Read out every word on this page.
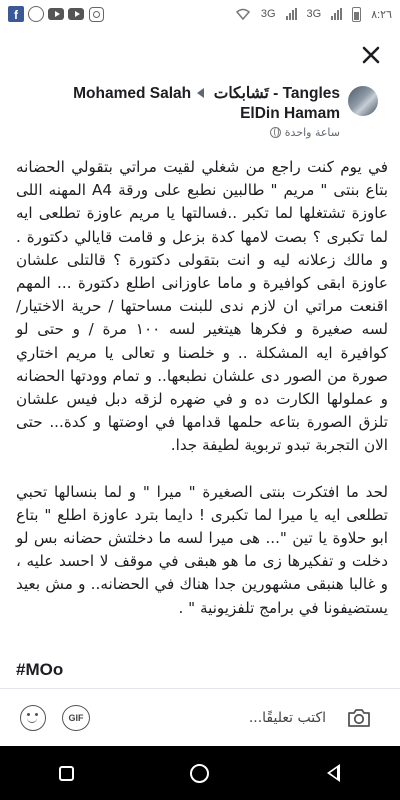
f	3G	3G	٨:٢٦
Mohamed Salah تَشابكات - Tangles
ElDin Hamam
ساعة واحدة

في يوم كنت راجع من شغلي لقيت مراتي بتقولي الحضانه بتاع بنتى " مريم " طالبين نطبع على ورقة A4 المهنه اللى عاوزة تشتغلها لما تكبر ..فسالتها يا مريم عاوزة تطلعى ايه لما تكبرى ؟ بصت لامها كدة بزعل و قامت قايالي دكتورة . و مالك زعلانه ليه و انت بتقولى دكتورة ؟ قالتلى علشان عاوزة ابقى كوافيرة و ماما عاوزانى اطلع دكتورة ... المهم اقنعت مراتي ان لازم ندى للبنت مساحتها / حرية الاختيار/ لسه صغيرة و فكرها هيتغير لسه ١٠٠ مرة / و حتى لو كوافيرة ايه المشكلة .. و خلصنا و تعالى يا مريم اختاري صورة من الصور دى علشان نطبعها.. و تمام وودتها الحضانه و عملولها الكارت ده و في ضهره لزقه دبل فيس علشان تلزق الصورة بتاعه حلمها قدامها في اوضتها و كدة... حتى الان التجربة تبدو تربوية لطيفة جدا.

لحد ما افتكرت بنتى الصغيرة " ميرا " و لما بنسالها تحبي تطلعى ايه يا ميرا لما تكبرى ! دايما بترد عاوزة اطلع " بتاع ابو حلاوة يا تين "... هى ميرا لسه ما دخلتش حضانه بس لو دخلت و تفكيرها زى ما هو هبقى في موقف لا احسد عليه ، و غالبا هنبقى مشهورين جدا هناك في الحضانه.. و مش بعيد يستضيفونا في برامج تلفزيونية " .

#MOo
GIF
اكتب تعليقًا...
